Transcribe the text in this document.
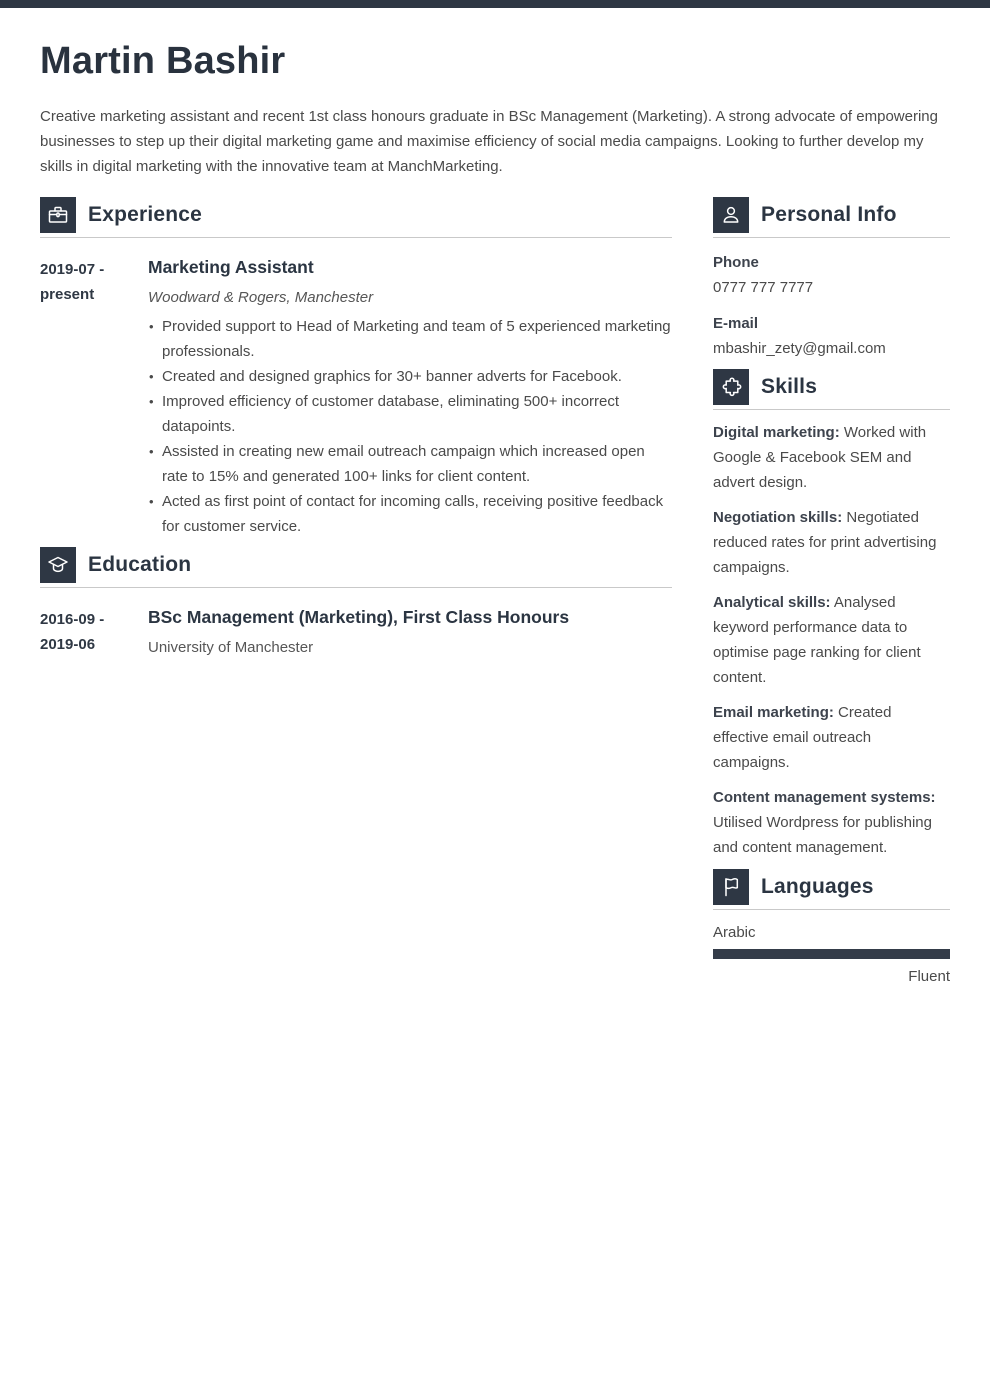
Martin Bashir

Creative marketing assistant and recent 1st class honours graduate in BSc Management (Marketing). A strong advocate of empowering businesses to step up their digital marketing game and maximise efficiency of social media campaigns. Looking to further develop my skills in digital marketing with the innovative team at ManchMarketing.

Experience
2019-07 -
present
Marketing Assistant
Woodward & Rogers, Manchester
• Provided support to Head of Marketing and team of 5 experienced marketing professionals.
• Created and designed graphics for 30+ banner adverts for Facebook.
• Improved efficiency of customer database, eliminating 500+ incorrect datapoints.
• Assisted in creating new email outreach campaign which increased open rate to 15% and generated 100+ links for client content.
• Acted as first point of contact for incoming calls, receiving positive feedback for customer service.
Education
2016-09 -
2019-06
BSc Management (Marketing), First Class Honours
University of Manchester
Personal Info
Phone
0777 777 7777
E-mail
mbashir_zety@gmail.com
Skills

Digital marketing: Worked with Google & Facebook SEM and advert design.

Negotiation skills: Negotiated reduced rates for print advertising campaigns.

Analytical skills: Analysed keyword performance data to optimise page ranking for client content.

Email marketing: Created effective email outreach campaigns.

Content management systems: Utilised Wordpress for publishing and content management.

Languages
Arabic
Fluent
